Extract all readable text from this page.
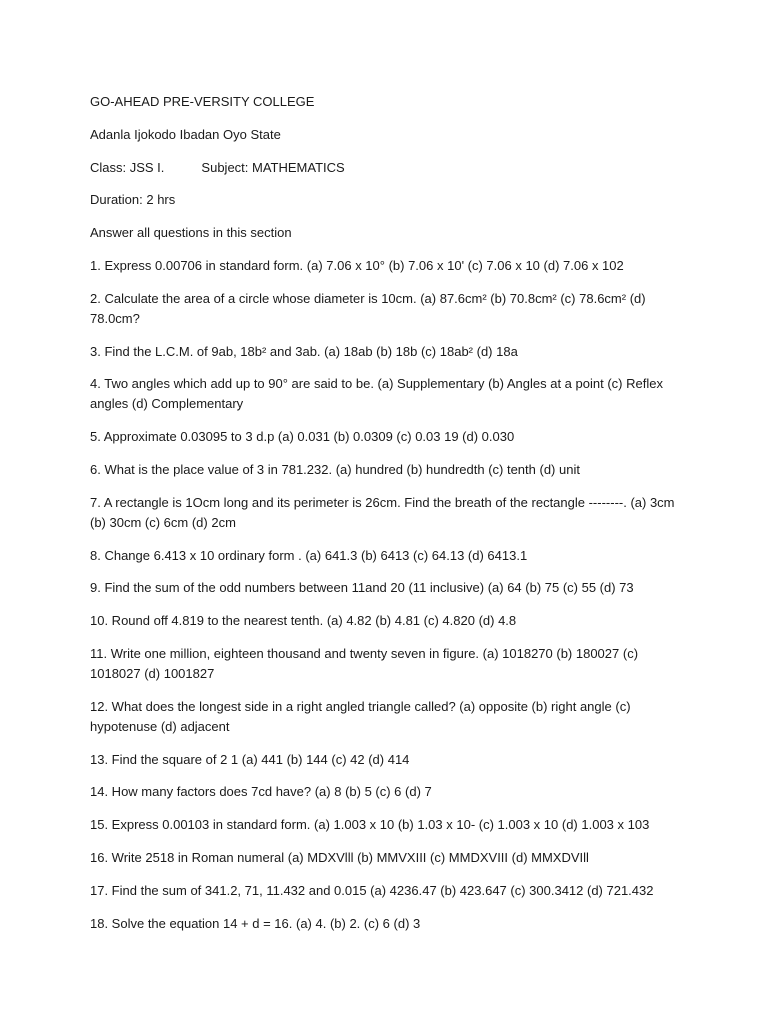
GO-AHEAD PRE-VERSITY COLLEGE
Adanla Ijokodo Ibadan Oyo State
Class: JSS I.	Subject: MATHEMATICS
Duration: 2 hrs
Answer all questions in this section
1. Express 0.00706 in standard form. (a) 7.06 x 10° (b) 7.06 x 10' (c) 7.06 x 10 (d) 7.06 x 102
2. Calculate the area of a circle whose diameter is 10cm. (a) 87.6cm² (b) 70.8cm² (c) 78.6cm² (d) 78.0cm?
3. Find the L.C.M. of 9ab, 18b² and 3ab. (a) 18ab (b) 18b (c) 18ab² (d) 18a
4. Two angles which add up to 90° are said to be. (a) Supplementary (b) Angles at a point (c) Reflex angles (d) Complementary
5. Approximate 0.03095 to 3 d.p (a) 0.031 (b) 0.0309 (c) 0.03 19 (d) 0.030
6. What is the place value of 3 in 781.232. (a) hundred (b) hundredth (c) tenth (d) unit
7. A rectangle is 1Ocm long and its perimeter is 26cm. Find the breath of the rectangle --------. (a) 3cm (b) 30cm (c) 6cm (d) 2cm
8. Change 6.413 x 10 ordinary form . (a) 641.3 (b) 6413 (c) 64.13 (d) 6413.1
9. Find the sum of the odd numbers between 11and 20 (11 inclusive) (a) 64 (b) 75 (c) 55 (d) 73
10. Round off 4.819 to the nearest tenth. (a) 4.82 (b) 4.81 (c) 4.820 (d) 4.8
11. Write one million, eighteen thousand and twenty seven in figure. (a) 1018270 (b) 180027 (c) 1018027 (d) 1001827
12. What does the longest side in a right angled triangle called? (a) opposite (b) right angle (c) hypotenuse (d) adjacent
13. Find the square of 2 1 (a) 441 (b) 144 (c) 42 (d) 414
14. How many factors does 7cd have? (a) 8 (b) 5 (c) 6 (d) 7
15. Express 0.00103 in standard form. (a) 1.003 x 10 (b) 1.03 x 10- (c) 1.003 x 10 (d) 1.003 x 103
16. Write 2518 in Roman numeral (a) MDXVlll (b) MMVXIII (c) MMDXVIII (d) MMXDVIll
17. Find the sum of 341.2, 71, 11.432 and 0.015 (a) 4236.47 (b) 423.647 (c) 300.3412 (d) 721.432
18. Solve the equation 14 + d = 16. (a) 4. (b) 2. (c) 6 (d) 3
